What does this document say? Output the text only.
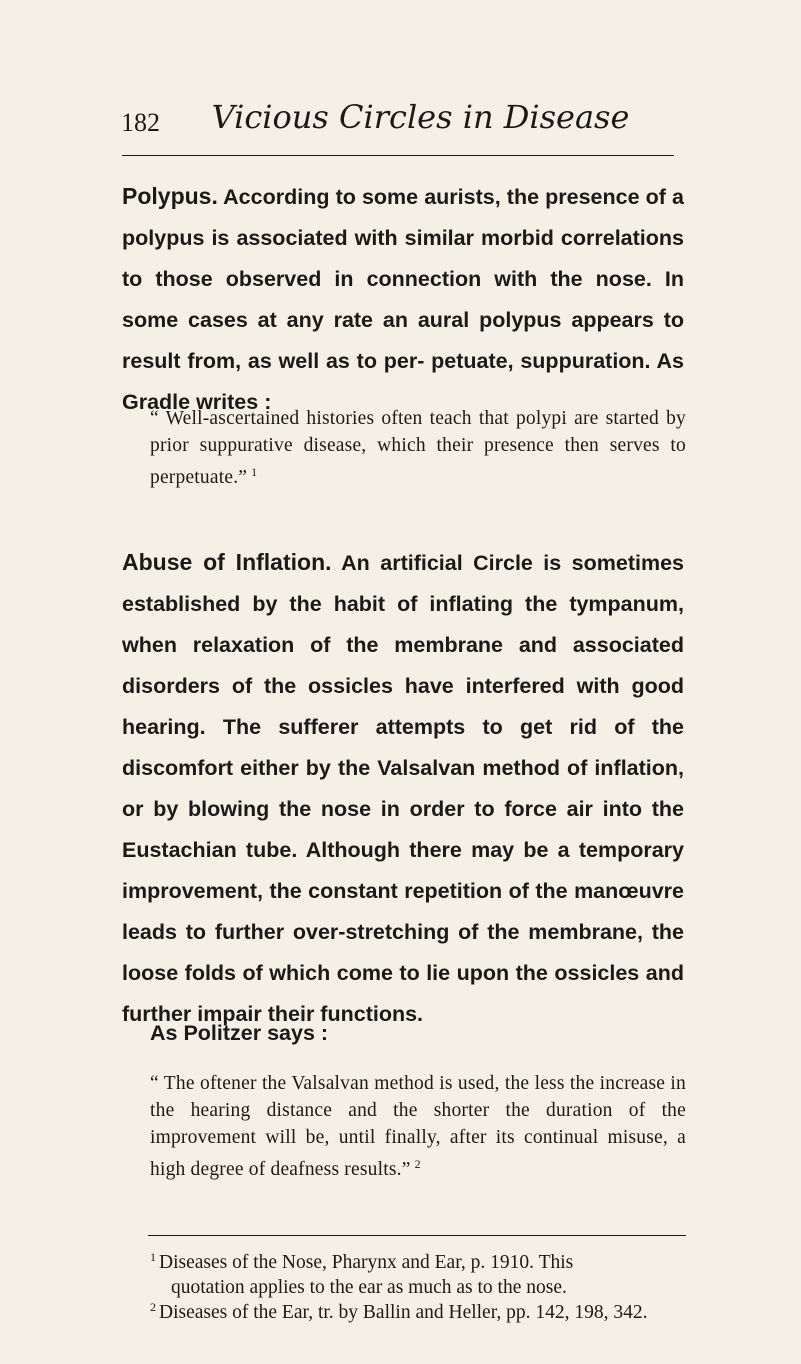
182	Vicious Circles in Disease

Polypus. According to some aurists, the presence of a polypus is associated with similar morbid correlations to those observed in connection with the nose. In some cases at any rate an aural polypus appears to result from, as well as to per- petuate, suppuration. As Gradle writes :

“ Well-ascertained histories often teach that polypi are started by prior suppurative disease, which their presence then serves to perpetuate.” $^1$

Abuse of Inflation. An artificial Circle is sometimes established by the habit of inflating the tympanum, when relaxation of the membrane and associated disorders of the ossicles have interfered with good hearing. The sufferer attempts to get rid of the discomfort either by the Valsalvan method of inflation, or by blowing the nose in order to force air into the Eustachian tube. Although there may be a temporary improvement, the constant repetition of the manœuvre leads to further over-stretching of the membrane, the loose folds of which come to lie upon the ossicles and further impair their functions.

As Politzer says :

“ The oftener the Valsalvan method is used, the less the increase in the hearing distance and the shorter the duration of the improvement will be, until finally, after its continual misuse, a high degree of deafness results.” $^2$

$^1$ Diseases of the Nose, Pharynx and Ear, p. 1910. This
quotation applies to the ear as much as to the nose.

$^2$ Diseases of the Ear, tr. by Ballin and Heller, pp. 142, 198, 342.
